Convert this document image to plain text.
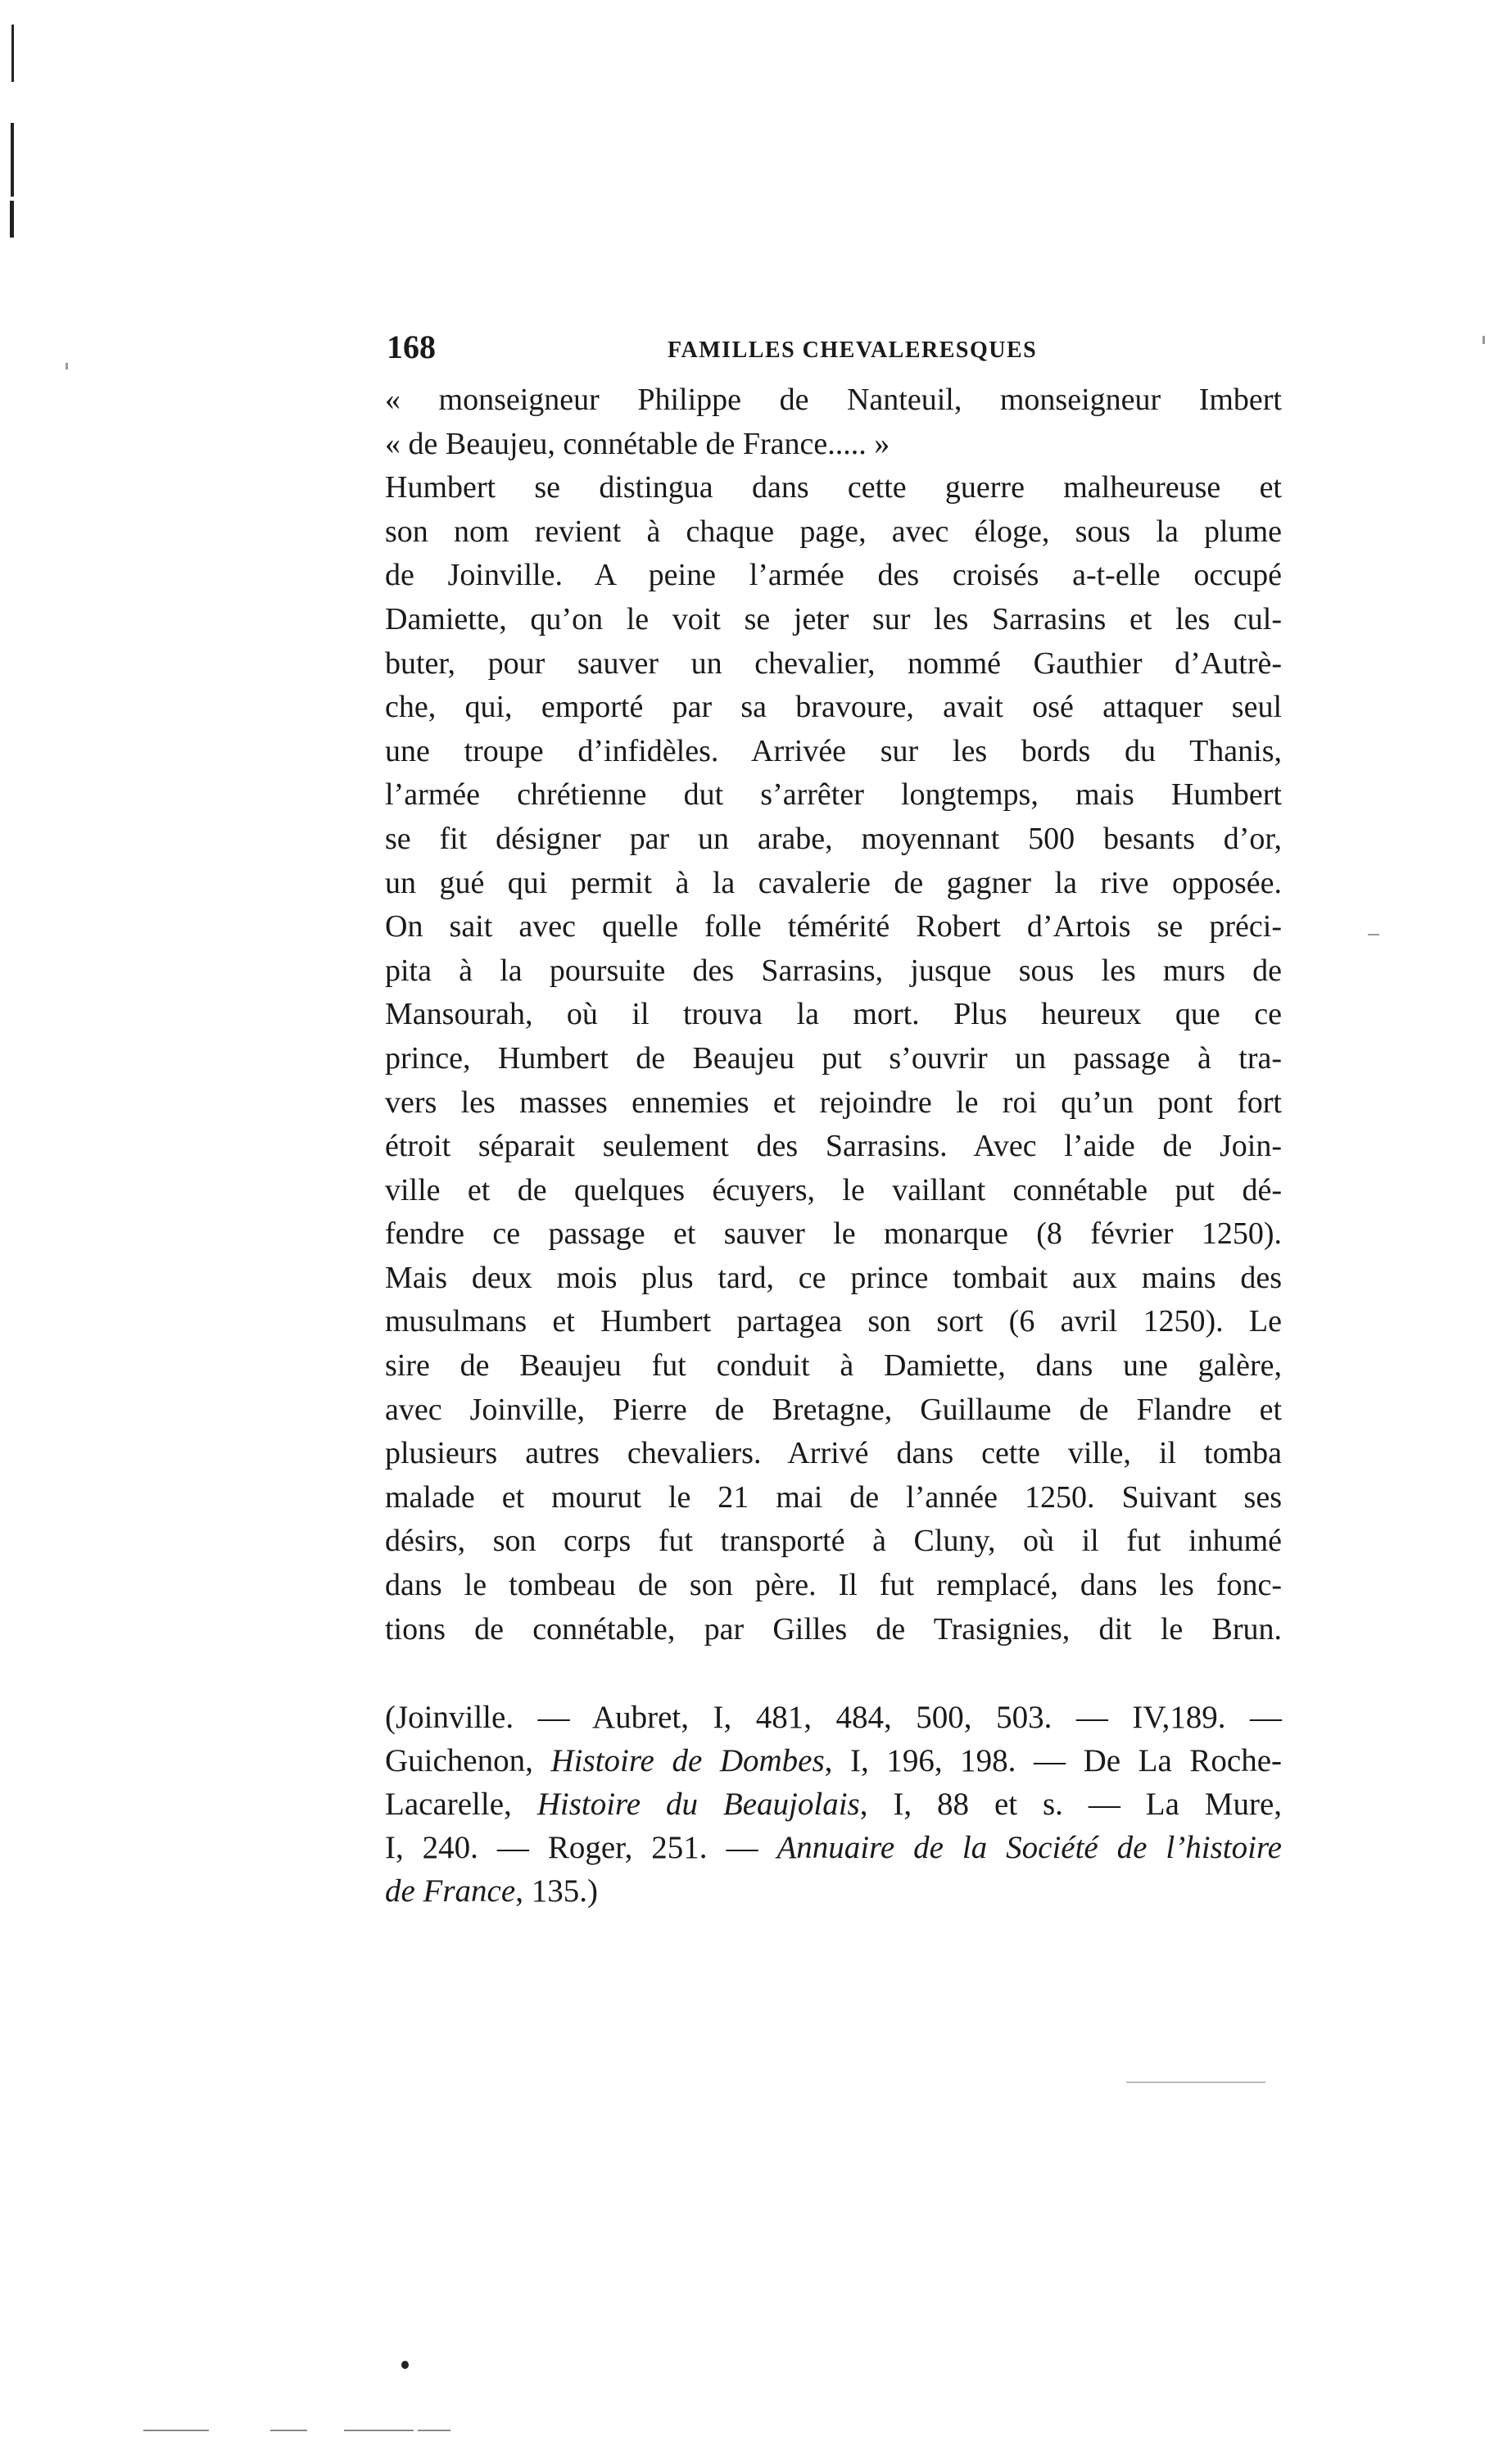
168	FAMILLES CHEVALERESQUES
« monseigneur Philippe de Nanteuil, monseigneur Imbert
« de Beaujeu, connétable de France..... »
Humbert se distingua dans cette guerre malheureuse et
son nom revient à chaque page, avec éloge, sous la plume
de Joinville. A peine l’armée des croisés a-t-elle occupé
Damiette, qu’on le voit se jeter sur les Sarrasins et les cul-
buter, pour sauver un chevalier, nommé Gauthier d’Autrè-
che, qui, emporté par sa bravoure, avait osé attaquer seul
une troupe d’infidèles. Arrivée sur les bords du Thanis,
l’armée chrétienne dut s’arrêter longtemps, mais Humbert
se fit désigner par un arabe, moyennant 500 besants d’or,
un gué qui permit à la cavalerie de gagner la rive opposée.
On sait avec quelle folle témérité Robert d’Artois se préci-
pita à la poursuite des Sarrasins, jusque sous les murs de
Mansourah, où il trouva la mort. Plus heureux que ce
prince, Humbert de Beaujeu put s’ouvrir un passage à tra-
vers les masses ennemies et rejoindre le roi qu’un pont fort
étroit séparait seulement des Sarrasins. Avec l’aide de Join-
ville et de quelques écuyers, le vaillant connétable put dé-
fendre ce passage et sauver le monarque (8 février 1250).
Mais deux mois plus tard, ce prince tombait aux mains des
musulmans et Humbert partagea son sort (6 avril 1250). Le
sire de Beaujeu fut conduit à Damiette, dans une galère,
avec Joinville, Pierre de Bretagne, Guillaume de Flandre et
plusieurs autres chevaliers. Arrivé dans cette ville, il tomba
malade et mourut le 21 mai de l’année 1250. Suivant ses
désirs, son corps fut transporté à Cluny, où il fut inhumé
dans le tombeau de son père. Il fut remplacé, dans les fonc-
tions de connétable, par Gilles de Trasignies, dit le Brun.
(Joinville. — Aubret, I, 481, 484, 500, 503. — IV,189. —
Guichenon, Histoire de Dombes, I, 196, 198. — De La Roche-
Lacarelle, Histoire du Beaujolais, I, 88 et s. — La Mure,
I, 240. — Roger, 251. — Annuaire de la Société de l’histoire
de France, 135.)
